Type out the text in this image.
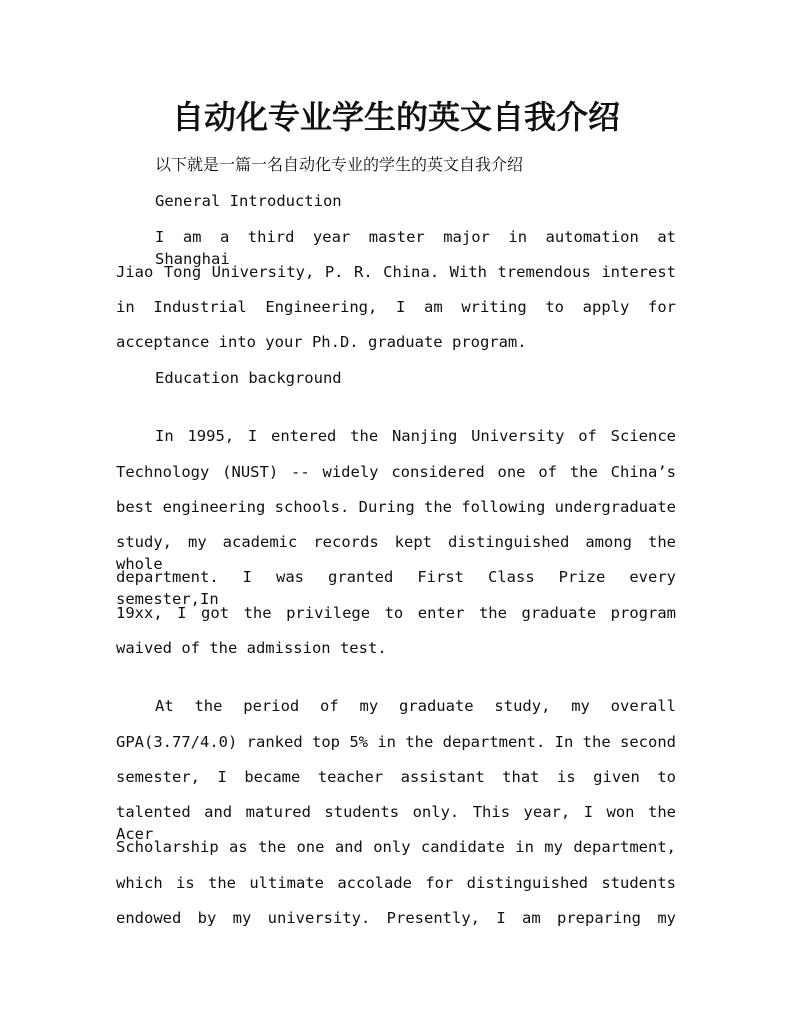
自动化专业学生的英文自我介绍
以下就是一篇一名自动化专业的学生的英文自我介绍
General Introduction
I am a third year master major in automation at Shanghai
Jiao Tong University, P. R. China. With tremendous interest
in Industrial Engineering, I am writing to apply for
acceptance into your Ph.D. graduate program.
Education background
In 1995, I entered the Nanjing University of Science
Technology (NUST) -- widely considered one of the China’s
best engineering schools. During the following undergraduate
study, my academic records kept distinguished among the whole
department. I was granted First Class Prize every semester,In
19xx, I got the privilege to enter the graduate program
waived of the admission test.
At the period of my graduate study, my overall
GPA(3.77/4.0) ranked top 5% in the department. In the second
semester, I became teacher assistant that is given to
talented and matured students only. This year, I won the Acer
Scholarship as the one and only candidate in my department,
which is the ultimate accolade for distinguished students
endowed by my university. Presently, I am preparing my
